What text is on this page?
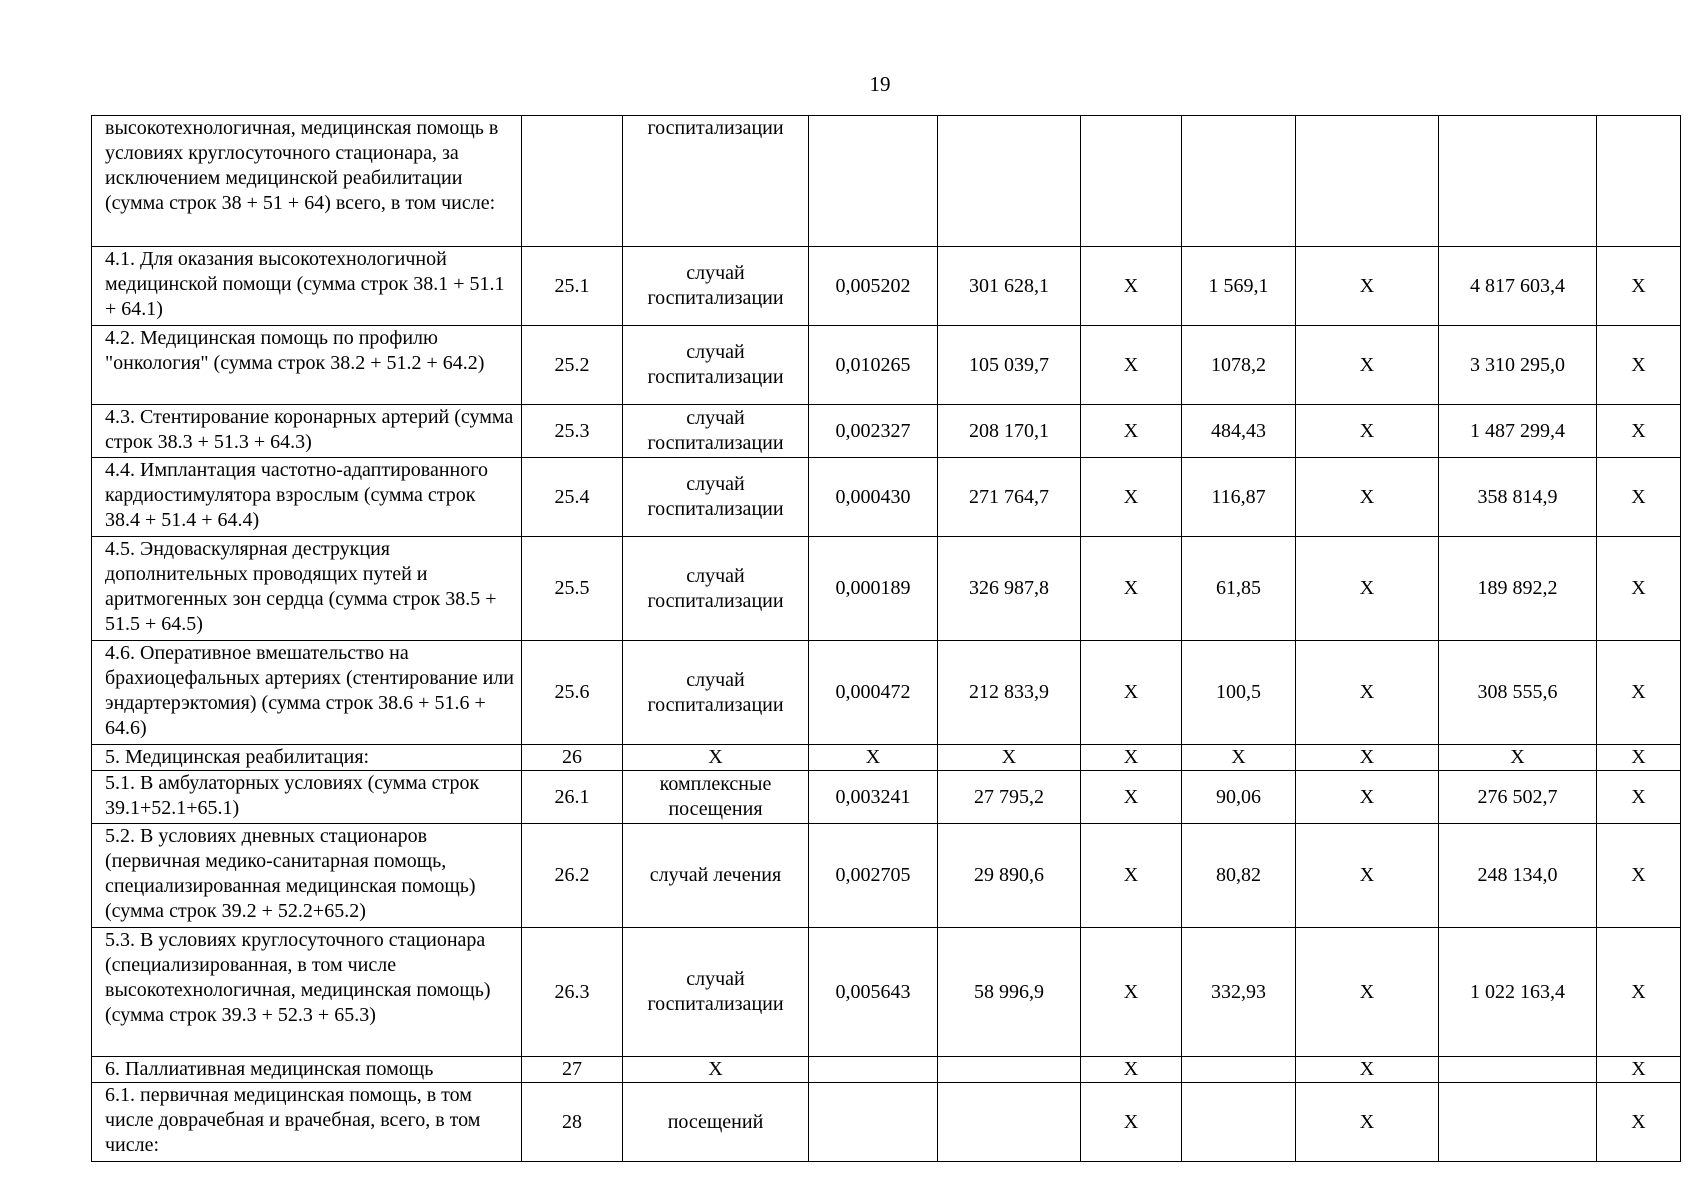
19
высокотехнологичная, медицинская помощь в условиях круглосуточного стационара, за исключением медицинской реабилитации (сумма строк 38 + 51 + 64) всего, в том числе:		госпитализации							
4.1. Для оказания высокотехнологичной медицинской помощи (сумма строк 38.1 + 51.1 + 64.1)	25.1	случай госпитализации	0,005202	301 628,1	X	1 569,1	X	4 817 603,4	X
4.2. Медицинская помощь по профилю "онкология" (сумма строк 38.2 + 51.2 + 64.2)	25.2	случай госпитализации	0,010265	105 039,7	X	1078,2	X	3 310 295,0	X
4.3. Стентирование коронарных артерий (сумма строк 38.3 + 51.3 + 64.3)	25.3	случай госпитализации	0,002327	208 170,1	X	484,43	X	1 487 299,4	X
4.4. Имплантация частотно-адаптированного кардиостимулятора взрослым (сумма строк 38.4 + 51.4 + 64.4)	25.4	случай госпитализации	0,000430	271 764,7	X	116,87	X	358 814,9	X
4.5. Эндоваскулярная деструкция дополнительных проводящих путей и аритмогенных зон сердца (сумма строк 38.5 + 51.5 + 64.5)	25.5	случай госпитализации	0,000189	326 987,8	X	61,85	X	189 892,2	X
4.6. Оперативное вмешательство на брахиоцефальных артериях (стентирование или эндартерэктомия) (сумма строк 38.6 + 51.6 + 64.6)	25.6	случай госпитализации	0,000472	212 833,9	X	100,5	X	308 555,6	X
5. Медицинская реабилитация:	26	X	X	X	X	X	X	X	X
5.1. В амбулаторных условиях (сумма строк 39.1+52.1+65.1)	26.1	комплексные посещения	0,003241	27 795,2	X	90,06	X	276 502,7	X
5.2. В условиях дневных стационаров (первичная медико-санитарная помощь, специализированная медицинская помощь) (сумма строк 39.2 + 52.2+65.2)	26.2	случай лечения	0,002705	29 890,6	X	80,82	X	248 134,0	X
5.3. В условиях круглосуточного стационара (специализированная, в том числе высокотехнологичная, медицинская помощь) (сумма строк 39.3 + 52.3 + 65.3)	26.3	случай госпитализации	0,005643	58 996,9	X	332,93	X	1 022 163,4	X
6. Паллиативная медицинская помощь	27	X			X		X		X
6.1. первичная медицинская помощь, в том числе доврачебная и врачебная, всего, в том числе:	28	посещений			X		X		X
